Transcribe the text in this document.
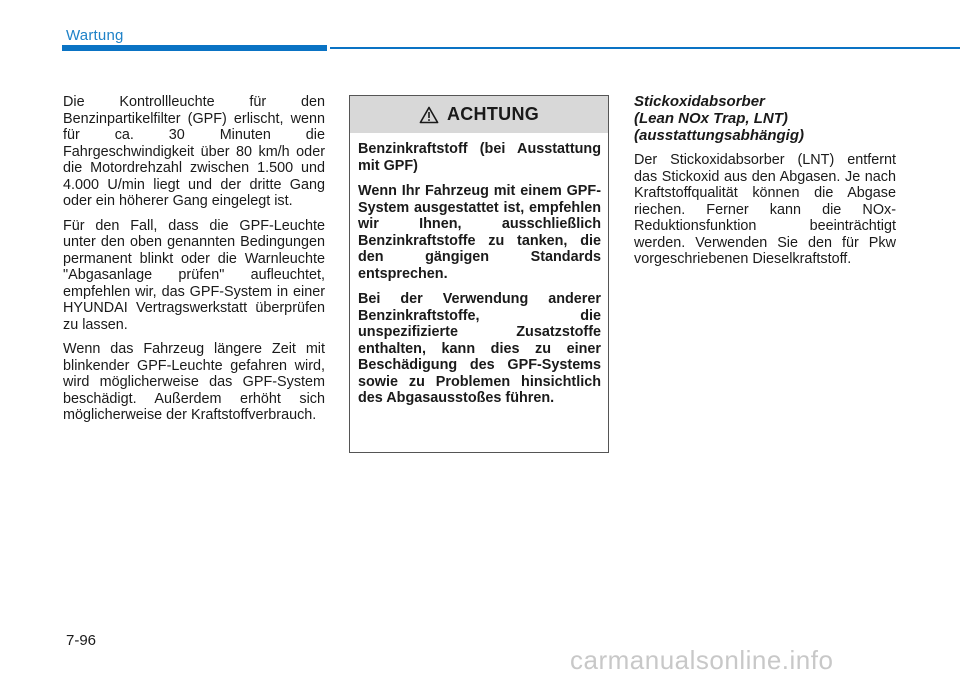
Wartung

Die Kontrollleuchte für den Benzinpartikelfilter (GPF) erlischt, wenn für ca. 30 Minuten die Fahrgeschwindigkeit über 80 km/h oder die Motordrehzahl zwischen 1.500 und 4.000 U/min liegt und der dritte Gang oder ein höherer Gang eingelegt ist.

Für den Fall, dass die GPF-Leuchte unter den oben genannten Bedingungen permanent blinkt oder die Warnleuchte "Abgasanlage prüfen" aufleuchtet, empfehlen wir, das GPF-System in einer HYUNDAI Vertragswerkstatt überprüfen zu lassen.

Wenn das Fahrzeug längere Zeit mit blinkender GPF-Leuchte gefahren wird, wird möglicherweise das GPF-System beschädigt. Außerdem erhöht sich möglicherweise der Kraftstoffverbrauch.

ACHTUNG

Benzinkraftstoff (bei Ausstattung mit GPF)

Wenn Ihr Fahrzeug mit einem GPF-System ausgestattet ist, empfehlen wir Ihnen, ausschließlich Benzinkraftstoffe zu tanken, die den gängigen Standards entsprechen.

Bei der Verwendung anderer Benzinkraftstoffe, die unspezifizierte Zusatzstoffe enthalten, kann dies zu einer Beschädigung des GPF-Systems sowie zu Problemen hinsichtlich des Abgasausstoßes führen.

Stickoxidabsorber
(Lean NOx Trap, LNT)
(ausstattungsabhängig)

Der Stickoxidabsorber (LNT) entfernt das Stickoxid aus den Abgasen. Je nach Kraftstoffqualität können die Abgase riechen. Ferner kann die NOx-Reduktionsfunktion beeinträchtigt werden. Verwenden Sie den für Pkw vorgeschriebenen Dieselkraftstoff.

7-96
carmanualsonline.info
